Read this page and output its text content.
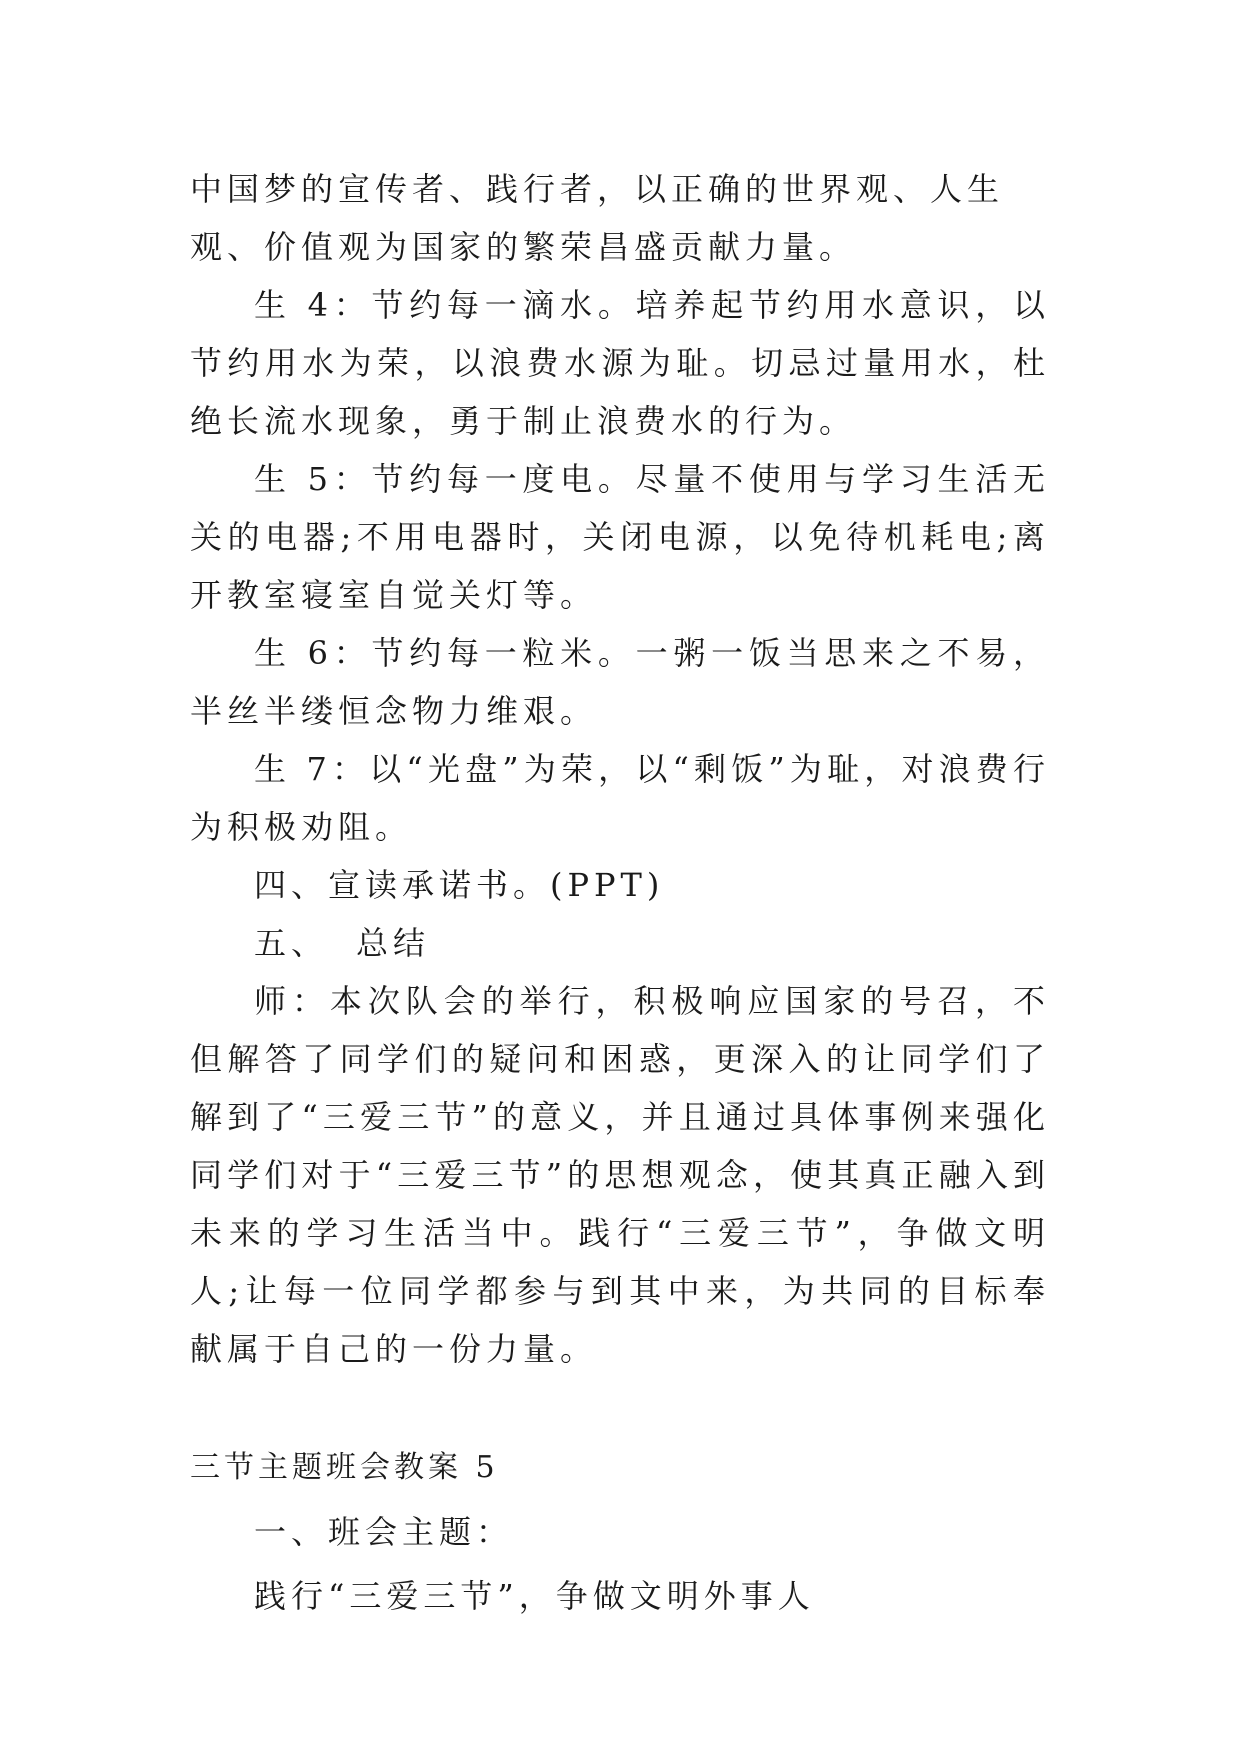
中国梦的宣传者、践行者，以正确的世界观、人生观、价值观为国家的繁荣昌盛贡献力量。

生 4：节约每一滴水。培养起节约用水意识，以节约用水为荣，以浪费水源为耻。切忌过量用水，杜绝长流水现象，勇于制止浪费水的行为。

生 5：节约每一度电。尽量不使用与学习生活无关的电器;不用电器时，关闭电源，以免待机耗电;离开教室寝室自觉关灯等。

生 6：节约每一粒米。一粥一饭当思来之不易，半丝半缕恒念物力维艰。

生 7：以“光盘”为荣，以“剩饭”为耻，对浪费行为积极劝阻。

四、宣读承诺书。(PPT)

五、 总结

师：本次队会的举行，积极响应国家的号召，不但解答了同学们的疑问和困惑，更深入的让同学们了解到了“三爱三节”的意义，并且通过具体事例来强化同学们对于“三爱三节”的思想观念，使其真正融入到未来的学习生活当中。践行“三爱三节”，争做文明人;让每一位同学都参与到其中来，为共同的目标奉献属于自己的一份力量。

三节主题班会教案 5

一、班会主题：

践行“三爱三节”，争做文明外事人
